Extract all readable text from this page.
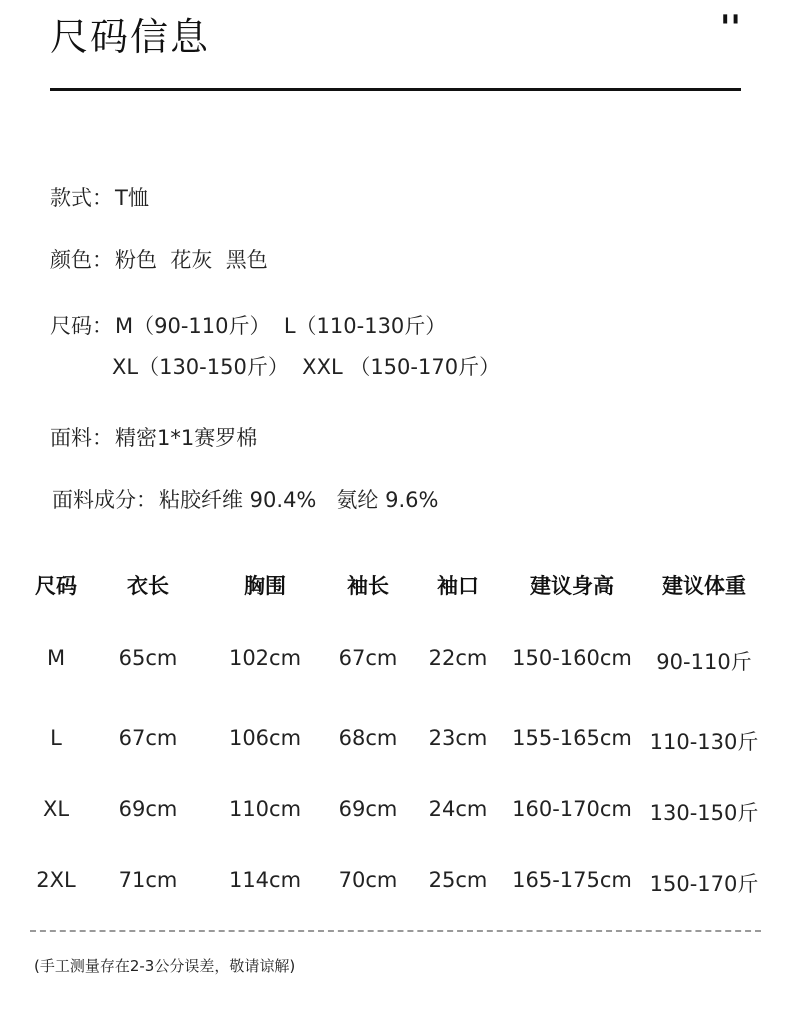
尺码信息	''
款式：T恤
颜色：粉色  花灰  黑色
尺码：M（90-110斤）  L（110-130斤）
XL（130-150斤）  XXL （150-170斤）
面料：精密1*1赛罗棉
面料成分：粘胶纤维 90.4%   氨纶 9.6%
尺码 衣长	胸围	袖长 袖口 建议身高 建议体重
M	65cm 102cm 67cm 22cm 150-160cm 90-110斤
L	67cm 106cm 68cm 23cm 155-165cm 110-130斤
XL 69cm 110cm 69cm 24cm 160-170cm 130-150斤
2XL 71cm 114cm 70cm 25cm 165-175cm 150-170斤
(手工测量存在2-3公分误差，敬请谅解)
